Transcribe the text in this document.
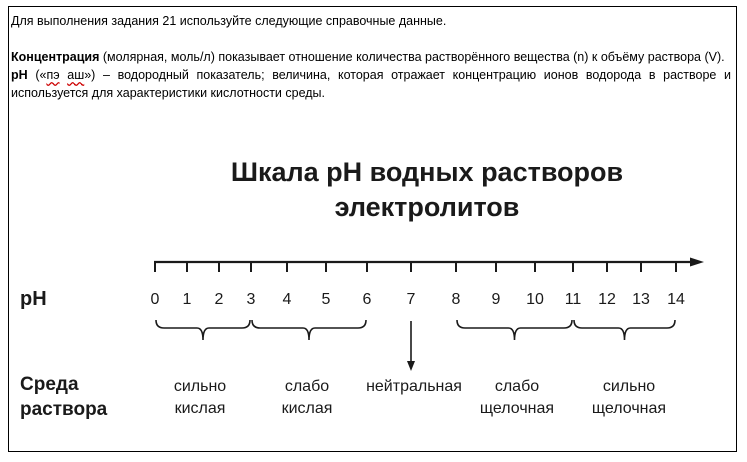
Для выполнения задания 21 используйте следующие справочные данные.

Концентрация (молярная, моль/л) показывает отношение количества растворённого вещества (n) к объёму раствора (V).

pH («пэ аш») – водородный показатель; величина, которая отражает концентрацию ионов водорода в растворе и используется для характеристики кислотности среды.

Шкала pH водных растворов
электролитов
0 1 2 3 4 5 6 7 8 9 10 11 12 13 14
pH
Среда
раствора
сильно
кислая
слабо
кислая
нейтральная слабо
щелочная
сильно
щелочная
